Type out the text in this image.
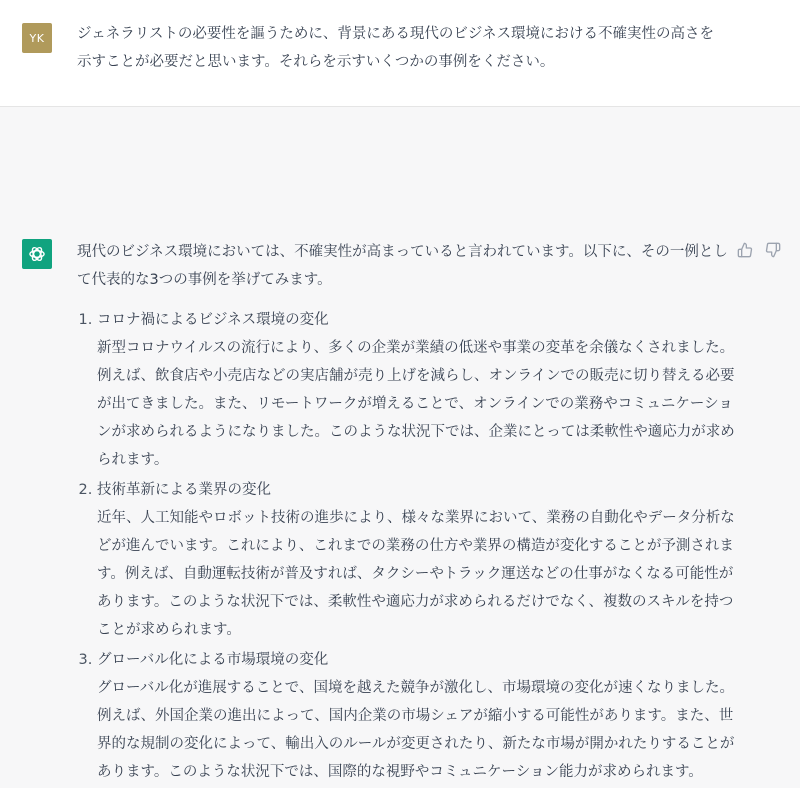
YK ジェネラリストの必要性を謳うために、背景にある現代のビジネス環境における不確実性の高さを示すことが必要だと思います。それらを示すいくつかの事例をください。

現代のビジネス環境においては、不確実性が高まっていると言われています。以下に、その一例として代表的な3つの事例を挙げてみます。

1. コロナ禍によるビジネス環境の変化
新型コロナウイルスの流行により、多くの企業が業績の低迷や事業の変革を余儀なくされました。例えば、飲食店や小売店などの実店舗が売り上げを減らし、オンラインでの販売に切り替える必要が出てきました。また、リモートワークが増えることで、オンラインでの業務やコミュニケーションが求められるようになりました。このような状況下では、企業にとっては柔軟性や適応力が求められます。
2. 技術革新による業界の変化
近年、人工知能やロボット技術の進歩により、様々な業界において、業務の自動化やデータ分析などが進んでいます。これにより、これまでの業務の仕方や業界の構造が変化することが予測されます。例えば、自動運転技術が普及すれば、タクシーやトラック運送などの仕事がなくなる可能性があります。このような状況下では、柔軟性や適応力が求められるだけでなく、複数のスキルを持つことが求められます。
3. グローバル化による市場環境の変化
グローバル化が進展することで、国境を越えた競争が激化し、市場環境の変化が速くなりました。例えば、外国企業の進出によって、国内企業の市場シェアが縮小する可能性があります。また、世界的な規制の変化によって、輸出入のルールが変更されたり、新たな市場が開かれたりすることがあります。このような状況下では、国際的な視野やコミュニケーション能力が求められます。
